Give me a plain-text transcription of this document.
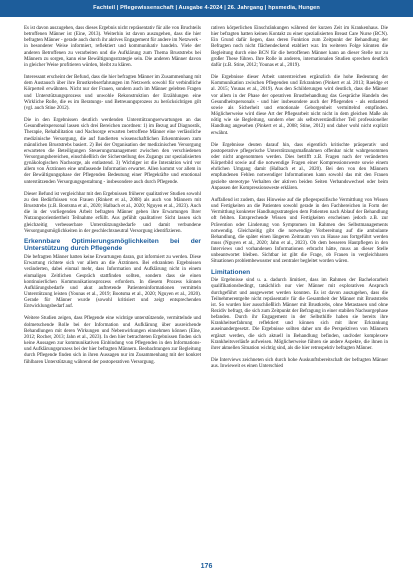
Fachteil | Pflegewissenschaft | Ausgabe 4-2024 | 26. Jahrgang | hpsmedia, Hungen

Es ist davon auszugehen, dass dieses Ergebnis nicht repräsentativ für alle von Bruchteils betroffenen Männer ist (Eine, 2013). Weiterhin ist davon auszugehen, dass die hier befragten Männer - gerade auch durch ihr aktives Engagement für andere im Netzwerk - in besonderer Weise informiert, reflektiert und kommunikativ handeln. Viele der anderen Betroffenen zu verarbeiten und die Aufklärung zum Thema Bruststrebs bei Männern zu sorgen, kann eine Bewältigungsstrategie sein. Die anderen Männer davon in gleicher Weise profitieren würden, bleibt zu klären.

Interessant erscheint der Befund, dass die hier befragten Männer im Zusammenhang mit dem Austausch über ihre Brustkrebserfahrungen im Netzwerk sowohl für verbindliche Körperteil erwähnten. Nicht nur der Frauen, sondern auch im Männer gelebten Fragen und Unterstützungsprozess und unwohle Rekonstruktion der Erzählungen eine Wirkliche Rolle, die es im Beratungs- und Betreuungsprozess zu berücksichtigen gilt (vgl. auch Stine 2012).

Die in den Ergebnissen deutlich werdenden Unterstützungserwartungen an das Gesundheitspersonal lassen sich drei Bereichen zuordnen: 1) im Bezug auf Diagnostik, Therapie, Rehabilitation und Nachsorge erwarten betroffene Männer eine verlässliche medizinische Versorgung, die auf fundierten wissenschaftlichen Erkenntnissen zum männlichen Bruststrebs basiert. 2) Bei der Organisation der medizinischen Versorgung erwarteten die Beteiligungen Steuerungsmanagement zwischen den verschiedenen Versorgungsbereichen, einschließlich der Sicherstellung des Zugangs zur spezialisierten gynäkologischen Nachsorge, als entlastend. 3) Wichtiger ist die Interaktion wird vor allem von Ärztinnen eine umfassende Information erwartet. Allen kommt vor allem in der Bewältigungsphase der Pflegenden Bedeutung einer Pflegekräfte und emotional unterstützenden Versorgungsgestaltung - insbesondere auch durch Pflegende.

Dieser Befund ist vergleichbar mit den Ergebnissen früherer qualitativer Studien sowohl zu den Bedürfnissen von Frauen (Rinkert et al., 2008) als auch von Männern mit Bruststrebs (z.B. Bootsma et al., 2020; Halbach et al., 2020; Nguyen et al., 2023). Auch die in der vorliegenden Arbeit befragten Männer geben ihre Erwartungen Ihrer Nutzungsorientiertheit Teilnahme erfüllt. Aus gefühlt qualitativer Sicht lassen sich gleichzeitig verbesserbare Unterstützungsbedarfe und damit verbundene Versorgungsmöglichkeiten in der geschlechtsneutral Versorgung identifizieren.

Erkennbare Optimierungsmöglichkeiten bei der Unterstützung durch Pflegende

Die befragten Männer hatten keine Erwartungen daran, gut informiert zu werden. Diese Erwartung richtete sich vor allem an die Ärztinnen. Bei erkrankten Ergebnissen veränderten, dabei einmal mehr, dass Information und Aufklärung nicht in einem einmaligen Zeitlichen Gespräch stattfinden sollten, sondern dass sie einen kontinuierlichen Kommunikationsprozess erfordern. In diesem Prozess können Aufklärungsbedarfe und akut auftretende Patienteninformationen vermitteln Unterstützung leisten (Younas et al., 2019; Bootsma et al., 2020; Nguyen et al., 2020). Gerade für Männer wurde (sowohl kritisiert und zeigt entsprechenden Entwicklungsbedarf auf.

Weitere Studien zeigen, dass Pflegende eine wichtige unterstützende, vermittelnde und dolmetschende Rolle bei der Information und Aufklärung über ausreichende Behandlungen mit deren Wirkungen und Nebenwirkungen einnehmen können (Eine, 2012; Rocher, 2013; Jahn et al., 2023). In den hier betrachteten Ergebnissen finden sich keine Aussagen zur kommunikativen Einbindung von Pflegenden in den Informations- und Aufklärungsprozess bei der hier befragten Männern. Beobachtungen zur Begleitung durch Pflegende finden sich in ihren Aussagen nur im Zusammenhang mit der konkret fühlbaren Unterstützung während der postoperativen Versorgung.

rativen körperlichen Einschränkungen während der kurzen Zeit im Krankenhaus. Die hier befragten hatten keinen Kontakt zu einer spezialisierten Breast Care Nurse (BCN). Ein Grund dafür liegen, dass deren Funktion zum Zeitpunkt der Behandlung der Befragten noch nicht flächendeckend etabliert war. Im weiteren Folge könnten die Begleitung durch eine BCN für die betroffenen Männer kann an dieser Stelle nur zu großer These führen. Ihre Rolle in anderen, internationalen Studien sprechen deutlich dafür (z.B. Stine, 2012; Younas et al., 2019).

Die Ergebnisse dieser Arbeit unterstreichen ergänzlich die hohe Bedeutung der Kommunikation zwischen Pflegenden und Erkrankten (Pinkert et al. 2013; Raeidge et al. 2015; Younas et al., 2019). Aus den Schilderungen wird deutlich, dass die Männer vor allem in der Phase der operativen Brustbehandlung das Gespräche Handeln des Gesundheitspersonals - und hier insbesondere auch der Pflegenden - als entlastend sowie als Sicherheit und emotionale Geborgenheit vermittelnd empfinden. Möglicherweise wird diese Art der Pflegearbeit nicht nicht in dem gleichen Maße als nötig wie sie Begleitung, sondern eher als selbstverständlicher Teil professioneller Handlung angesehen (Pinkert et al., 2008; Stine, 2012) und daher wohl nicht explizit erwähnt.

Die Ergebnisse deuten darauf hin, dass eigentlich kritischte präoperativ und postoperative pflegerische Unterstützungsmaßnahmen offenbar nicht wahrgenommen oder nicht angenommen werden. Dies betrifft z.B. Fragen nach der veränderten Körperbild sowie auf die notwendige Fragen einer Kompressionsweste sowie einem ehrlichen Umgang damit (Halbach et al., 2020). Bei den von den Männern empfundenen Fehlen notwendiger Informationen kann sowohl das mit den Frauen gezielte stereotype Verhalten der aktiven beiden Seiten Verbandswechsel oder beim Anpassen der Kompressionsweste erklären.

Auffallend ist zudem, dass Hinweise auf die pflegespezifische Vermittlung von Wissen und Fertigkeiten an die Patienten sowohl gerade in den Fachbereichen in Form der Vermittlung konkreter Handlungsstrategien dem Patienten nach Ablauf der Behandlung oft fehlten. Entsprechende Wissen und Fertigkeiten erscheinen jedoch z.B. zur Prävention oder Linderung von Symptomen im Rahmen des Selbstmanagements notwendig. Gleichzeitig gibt die notwendige Vorbereitung auf die ambulante Behandlung, die später einen längeren Zeitraum von zu Hause aus fortgeführt werden muss (Nguyen et al., 2020; Jahn et al., 2023). Ob dem besseren Hautpflegen in den Interviews und vorhandenen Informationen erbracht hätte, muss an dieser Stelle unbeantwortet bleiben. Sichtbar ist gibt die Frage, ob Frauen in vergleichbaren Situationen problembewusster und zentraler begleitet worden wären.

Limitationen

Die Ergebnisse sind u. a. dadurch limitiert, dass im Rahmen der Bachelorarbeit qualifikationsbedingt, tatsächlich nur vier Männer mit explorativen Anspruch durchgeführt und ausgewertet werden konnten. Es ist davon auszugehen, dass die Teilnehmerentgelte nicht repräsentativ für die Gesamtheit der Männer mit Bruststrebs ist. So wurden hier ausschließlich Männer mit Brustkrebs, ohne Metastasen und ohne Rezidiv befragt, die sich zum Zeitpunkt der Befragung in einer stabilen Nachsorgephase befanden. Durch ihr Engagement in der Selbsthilfe haben sie bereits ihre Krankheitserfahrung reflektiert und können sich mit ihrer Erkrankung auseinandergesetzt. Die Ergebnisse sollten daher um die Perspektiven von Männern ergänzt werden, die sich aktuell in Behandlung befinden, und/oder komplexere Krankheitsverläufe aufweisen. Möglicherweise führen sie andere Aspekte, die ihnen in ihrer aktuellen Situation wichtig sind, als die hier retrospektiv befragten Männer.

Die Interviews zeichneten sich durch hohe Auskunftsbereitschaft der befragten Männer aus. Inwieweit es einen Unterschied

176
